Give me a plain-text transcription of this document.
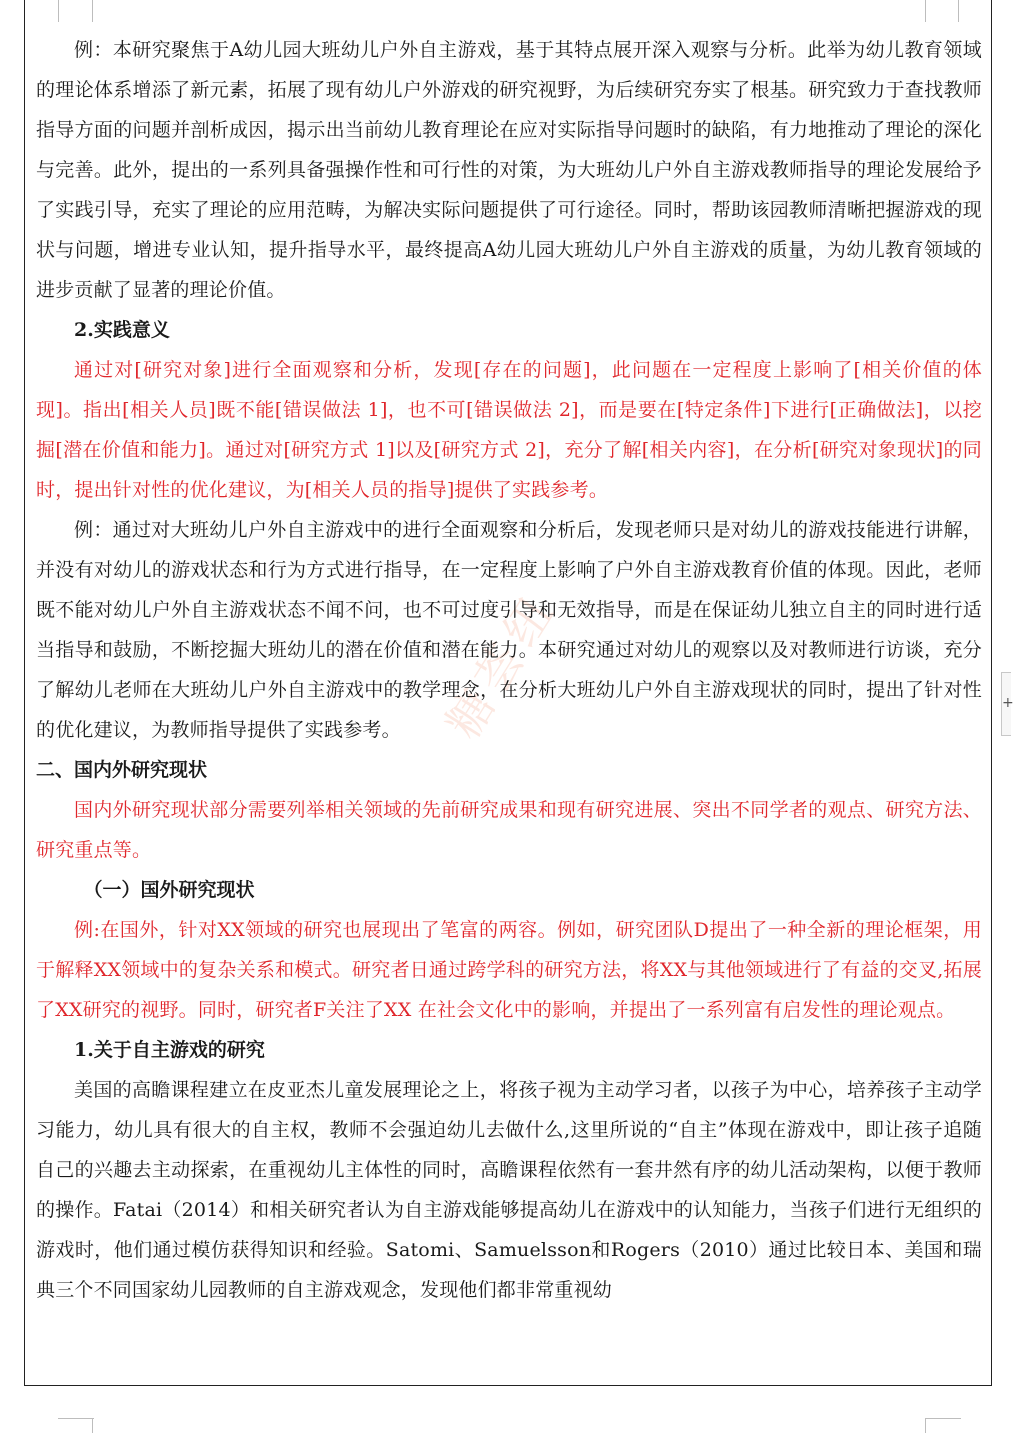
糖荟纽

例：本研究聚焦于A幼儿园大班幼儿户外自主游戏，基于其特点展开深入观察与分析。此举为幼儿教育领域的理论体系增添了新元素，拓展了现有幼儿户外游戏的研究视野，为后续研究夯实了根基。研究致力于查找教师指导方面的问题并剖析成因，揭示出当前幼儿教育理论在应对实际指导问题时的缺陷，有力地推动了理论的深化与完善。此外，提出的一系列具备强操作性和可行性的对策，为大班幼儿户外自主游戏教师指导的理论发展给予了实践引导，充实了理论的应用范畴，为解决实际问题提供了可行途径。同时，帮助该园教师清晰把握游戏的现状与问题，增进专业认知，提升指导水平，最终提高A幼儿园大班幼儿户外自主游戏的质量，为幼儿教育领域的进步贡献了显著的理论价值。

2.实践意义

通过对[研究对象]进行全面观察和分析，发现[存在的问题]，此问题在一定程度上影响了[相关价值的体现]。指出[相关人员]既不能[错误做法 1]，也不可[错误做法 2]，而是要在[特定条件]下进行[正确做法]，以挖掘[潜在价值和能力]。通过对[研究方式 1]以及[研究方式 2]，充分了解[相关内容]，在分析[研究对象现状]的同时，提出针对性的优化建议，为[相关人员的指导]提供了实践参考。

例：通过对大班幼儿户外自主游戏中的进行全面观察和分析后，发现老师只是对幼儿的游戏技能进行讲解，并没有对幼儿的游戏状态和行为方式进行指导，在一定程度上影响了户外自主游戏教育价值的体现。因此，老师既不能对幼儿户外自主游戏状态不闻不问，也不可过度引导和无效指导，而是在保证幼儿独立自主的同时进行适当指导和鼓励，不断挖掘大班幼儿的潜在价值和潜在能力。本研究通过对幼儿的观察以及对教师进行访谈，充分了解幼儿老师在大班幼儿户外自主游戏中的教学理念，在分析大班幼儿户外自主游戏现状的同时，提出了针对性的优化建议，为教师指导提供了实践参考。

二、国内外研究现状

国内外研究现状部分需要列举相关领域的先前研究成果和现有研究进展、突出不同学者的观点、研究方法、研究重点等。

（一）国外研究现状

例:在国外，针对XX领域的研究也展现出了笔富的两容。例如，研究团队D提出了一种全新的理论框架，用于解释XX领域中的复杂关系和模式。研究者日通过跨学科的研究方法，将XX与其他领域进行了有益的交叉,拓展了XX研究的视野。同时，研究者F关注了XX 在社会文化中的影响，并提出了一系列富有启发性的理论观点。

1.关于自主游戏的研究

美国的高瞻课程建立在皮亚杰儿童发展理论之上，将孩子视为主动学习者，以孩子为中心，培养孩子主动学习能力，幼儿具有很大的自主权，教师不会强迫幼儿去做什么,这里所说的“自主”体现在游戏中，即让孩子追随自己的兴趣去主动探索，在重视幼儿主体性的同时，高瞻课程依然有一套井然有序的幼儿活动架构，以便于教师的操作。Fatai（2014）和相关研究者认为自主游戏能够提高幼儿在游戏中的认知能力，当孩子们进行无组织的游戏时，他们通过模仿获得知识和经验。Satomi、Samuelsson和Rogers（2010）通过比较日本、美国和瑞典三个不同国家幼儿园教师的自主游戏观念，发现他们都非常重视幼

+
